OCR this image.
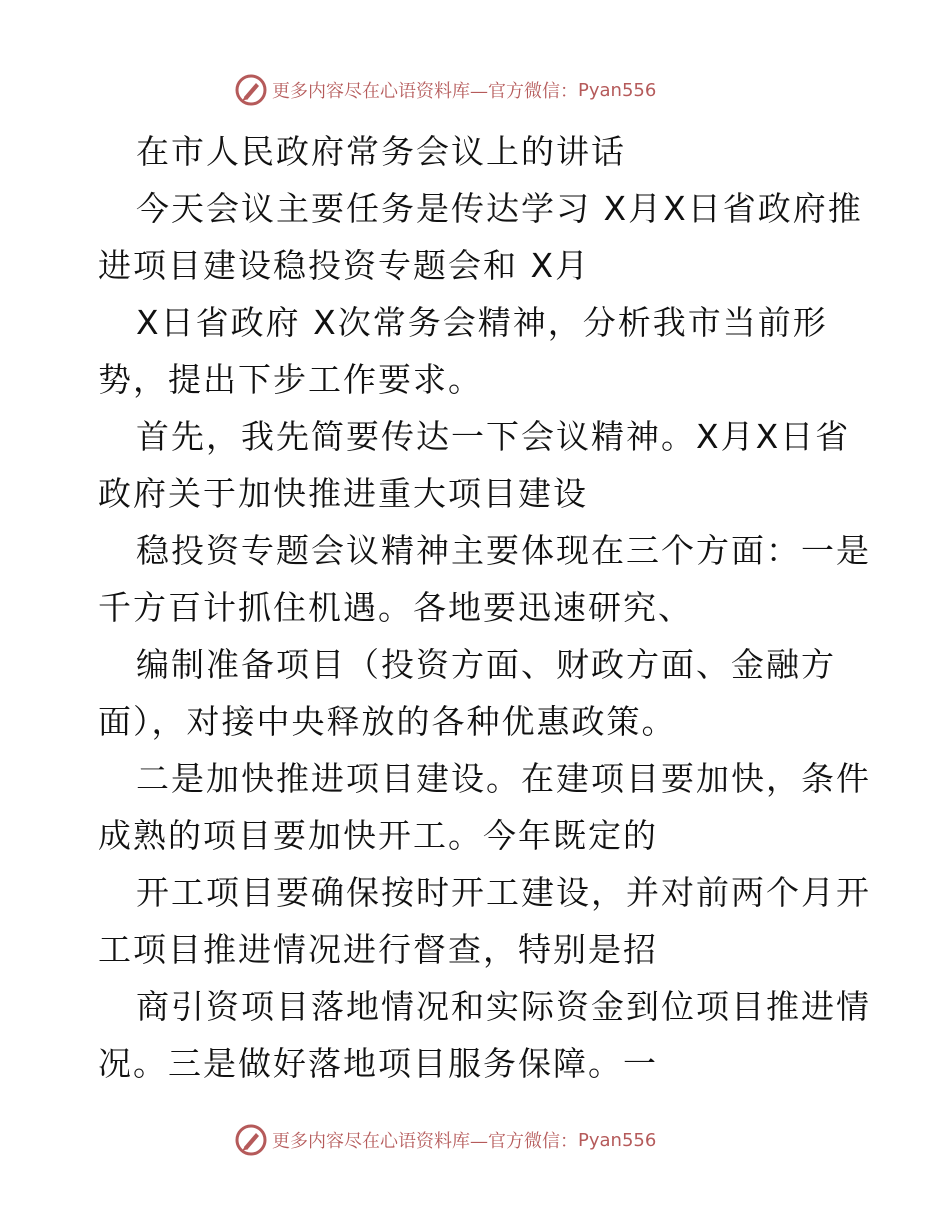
更多内容尽在心语资料库—官方微信： Pyan556
在市人民政府常务会议上的讲话
今天会议主要任务是传达学习 X月X日省政府推
进项目建设稳投资专题会和 X月
X日省政府 X次常务会精神，分析我市当前形
势，提出下步工作要求。
首先，我先简要传达一下会议精神。X月X日省
政府关于加快推进重大项目建设
稳投资专题会议精神主要体现在三个方面：一是
千方百计抓住机遇。各地要迅速研究、
编制准备项目（投资方面、财政方面、金融方
面），对接中央释放的各种优惠政策。
二是加快推进项目建设。在建项目要加快，条件
成熟的项目要加快开工。今年既定的
开工项目要确保按时开工建设，并对前两个月开
工项目推进情况进行督查，特别是招
商引资项目落地情况和实际资金到位项目推进情
况。三是做好落地项目服务保障。一
更多内容尽在心语资料库—官方微信： Pyan556
